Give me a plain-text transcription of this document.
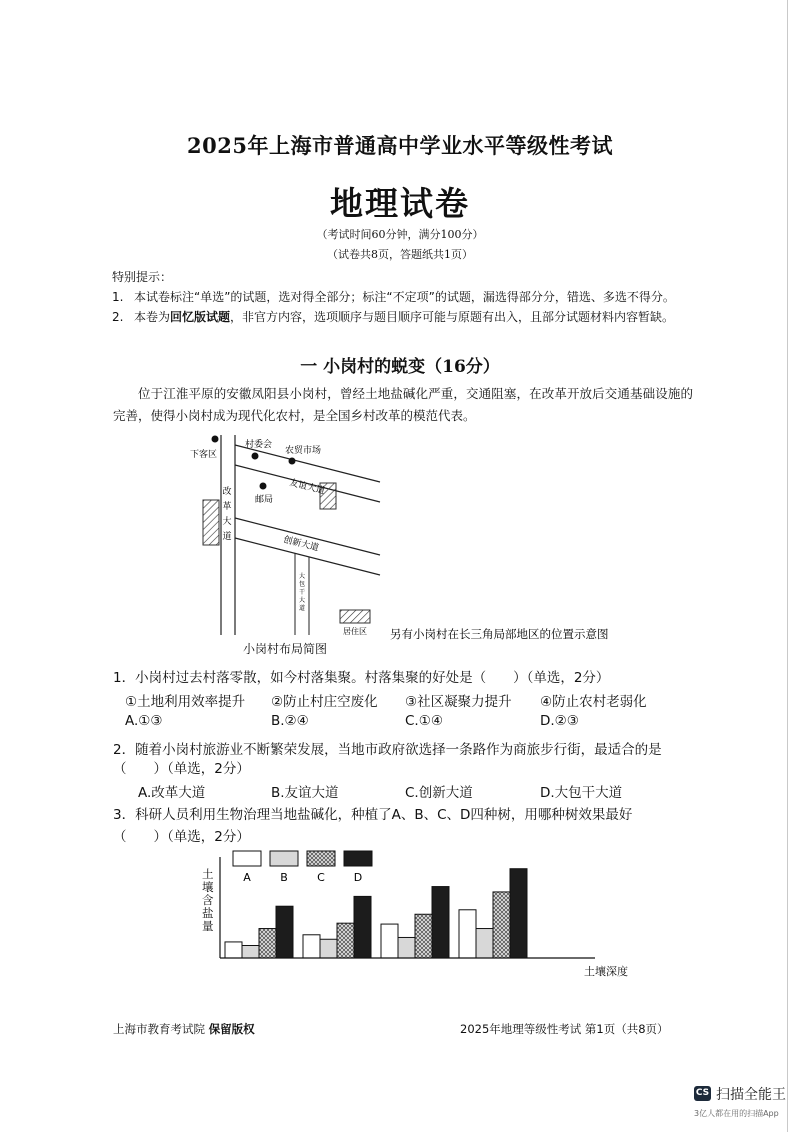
2025年上海市普通高中学业水平等级性考试
地理试卷
（考试时间60分钟，满分100分）
（试卷共8页，答题纸共1页）
特别提示：
1. 本试卷标注“单选”的试题，选对得全部分；标注“不定项”的试题，漏选得部分分，错选、多选不得分。
2. 本卷为回忆版试题，非官方内容，选项顺序与题目顺序可能与原题有出入，且部分试题材料内容暂缺。
一 小岗村的蜕变（16分）
位于江淮平原的安徽凤阳县小岗村，曾经土地盐碱化严重，交通阻塞，在改革开放后交通基础设施的完善，使得小岗村成为现代化农村，是全国乡村改革的模范代表。
下客区
村委会
农贸市场
友谊大道
邮局
改
革
大
道	创新大道
大
包
干
大
道
居住区 另有小岗村在长三角局部地区的位置示意图
小岗村布局简图
1．小岗村过去村落零散，如今村落集聚。村落集聚的好处是（　　）（单选，2分）
①土地利用效率提升 ②防止村庄空废化 ③社区凝聚力提升 ④防止农村老弱化
A.①③	B.②④	C.①④	D.②③
2．随着小岗村旅游业不断繁荣发展，当地市政府欲选择一条路作为商旅步行街，最适合的是
（　　）（单选，2分）
A.改革大道	B.友谊大道	C.创新大道	D.大包干大道
3．科研人员利用生物治理当地盐碱化，种植了A、B、C、D四种树，用哪种树效果最好
（　　）（单选，2分）
A	B	C	D
土壤含盐量
土壤深度
上海市教育考试院 保留版权	2025年地理等级性考试 第1页（共8页）
CS 扫描全能王
3亿人都在用的扫描App
